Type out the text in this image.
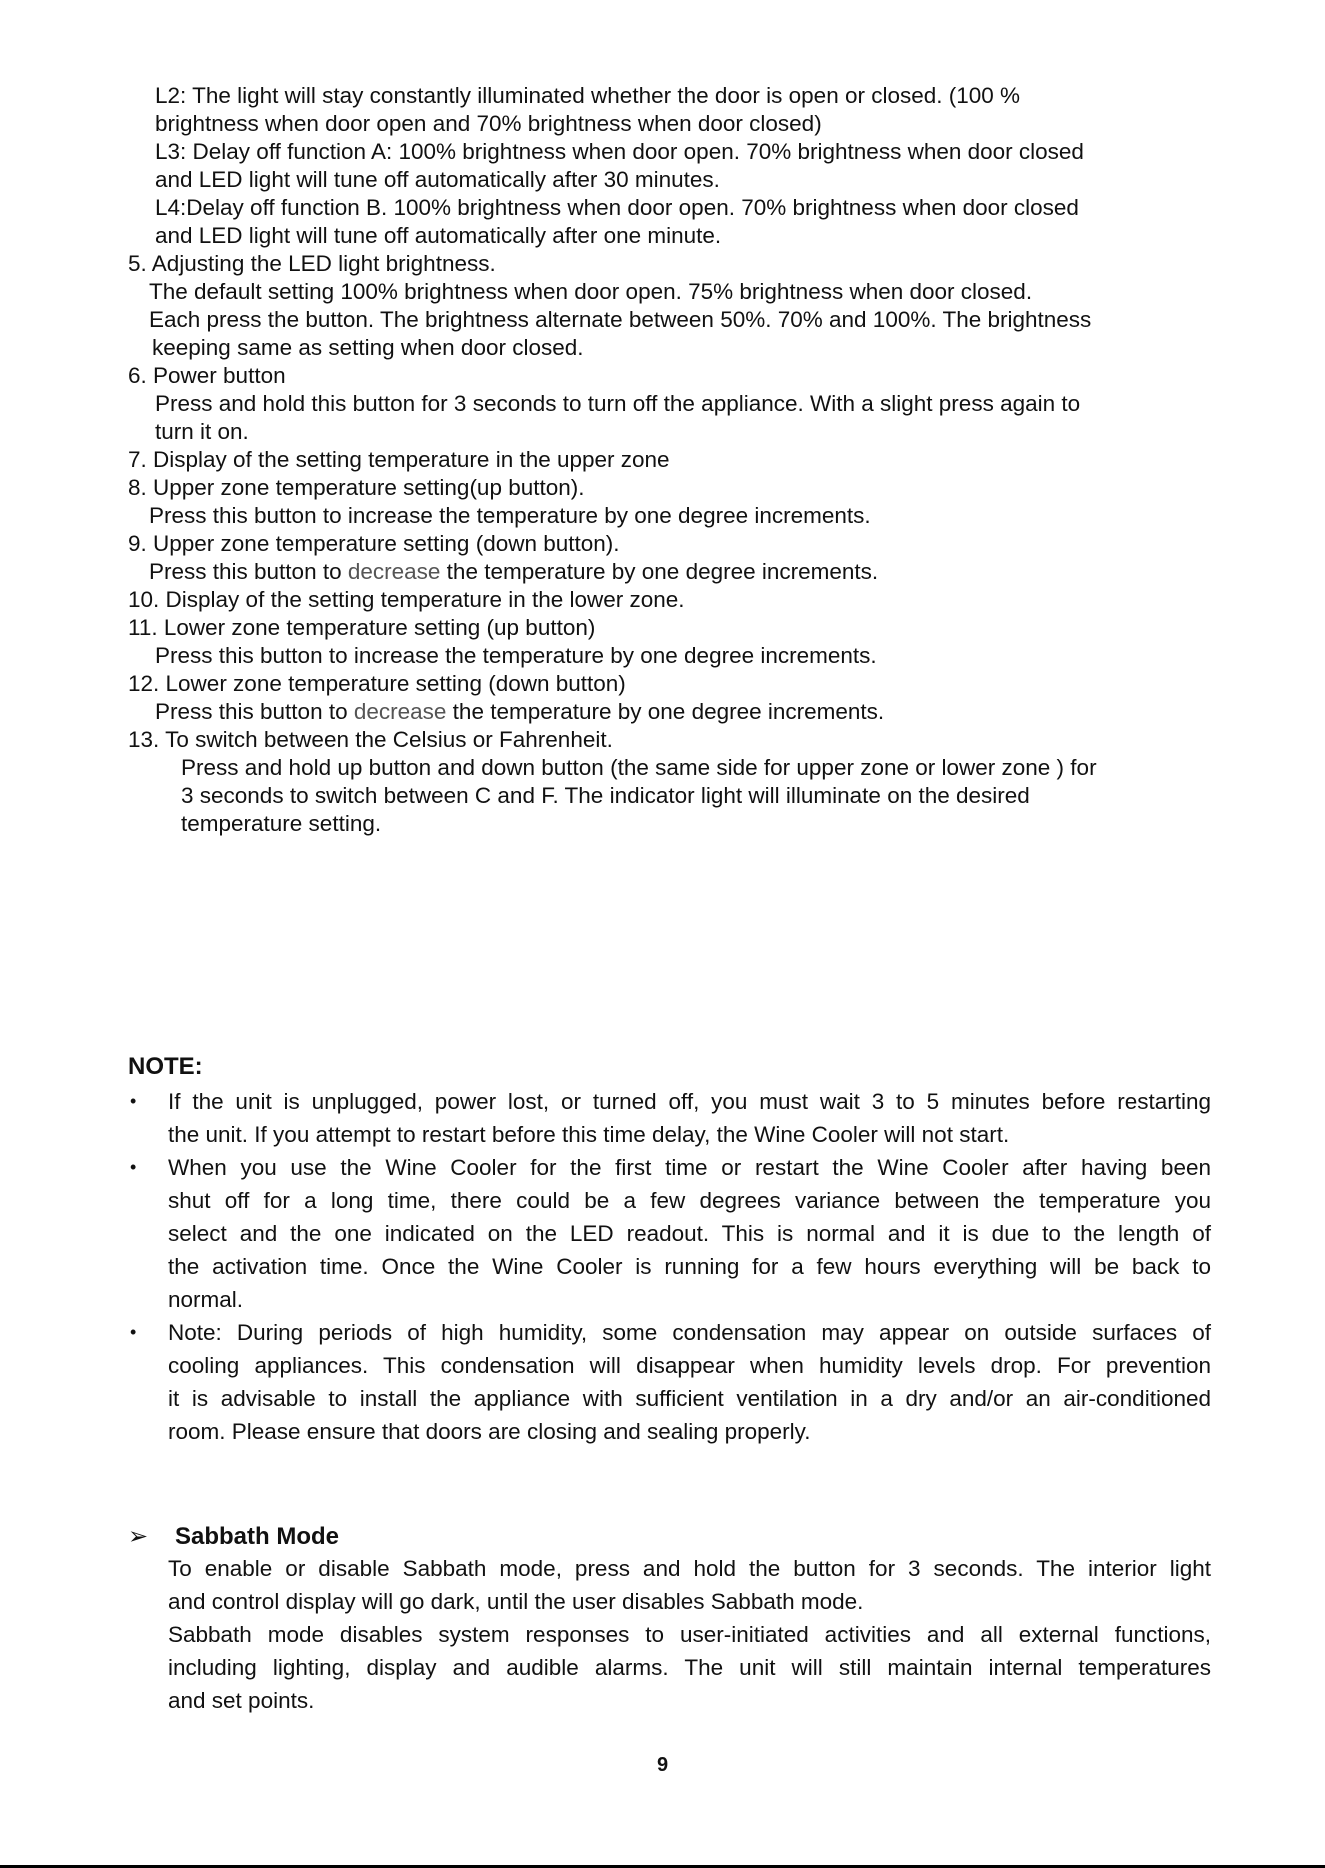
L2: The light will stay constantly illuminated whether the door is open or closed. (100 %
brightness when door open and 70% brightness when door closed)
L3: Delay off function A: 100% brightness when door open. 70% brightness when door closed
and LED light will tune off automatically after 30 minutes.
L4:Delay off function B. 100% brightness when door open. 70% brightness when door closed
and LED light will tune off automatically after one minute.
5. Adjusting the LED light brightness.
The default setting 100% brightness when door open. 75% brightness when door closed.
Each press the button. The brightness alternate between 50%. 70% and 100%. The brightness
keeping same as setting when door closed.
6. Power button
Press and hold this button for 3 seconds to turn off the appliance. With a slight press again to
turn it on.
7. Display of the setting temperature in the upper zone
8. Upper zone temperature setting(up button).
Press this button to increase the temperature by one degree increments.
9. Upper zone temperature setting (down button).
Press this button to decrease the temperature by one degree increments.
10. Display of the setting temperature in the lower zone.
11. Lower zone temperature setting (up button)
Press this button to increase the temperature by one degree increments.
12. Lower zone temperature setting (down button)
Press this button to decrease the temperature by one degree increments.
13. To switch between the Celsius or Fahrenheit.
Press and hold up button and down button (the same side for upper zone or lower zone ) for
3 seconds to switch between C and F. The indicator light will illuminate on the desired
temperature setting.
NOTE:
• If the unit is unplugged, power lost, or turned off, you must wait 3 to 5 minutes before restarting
the unit. If you attempt to restart before this time delay, the Wine Cooler will not start.
• When you use the Wine Cooler for the first time or restart the Wine Cooler after having been
shut off for a long time, there could be a few degrees variance between the temperature you
select and the one indicated on the LED readout. This is normal and it is due to the length of
the activation time. Once the Wine Cooler is running for a few hours everything will be back to
normal.
• Note: During periods of high humidity, some condensation may appear on outside surfaces of
cooling appliances. This condensation will disappear when humidity levels drop. For prevention
it is advisable to install the appliance with sufficient ventilation in a dry and/or an air-conditioned
room. Please ensure that doors are closing and sealing properly.
➢ Sabbath Mode
To enable or disable Sabbath mode, press and hold the button for 3 seconds. The interior light
and control display will go dark, until the user disables Sabbath mode.
Sabbath mode disables system responses to user-initiated activities and all external functions,
including lighting, display and audible alarms. The unit will still maintain internal temperatures
and set points.
9
